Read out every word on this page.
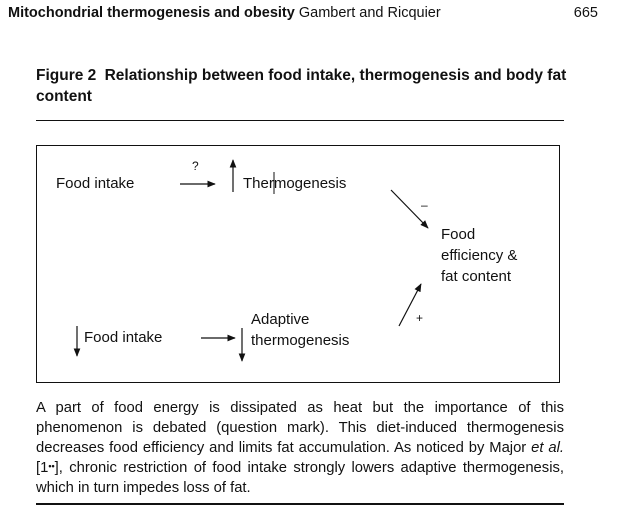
Mitochondrial thermogenesis and obesity Gambert and Ricquier	665
Figure 2 Relationship between food intake, thermogenesis and body fat content
Food intake
?
Thermogenesis
–
Food
efficiency &
fat content
Food intake
Adaptive
thermogenesis
+
A part of food energy is dissipated as heat but the importance of this phenomenon is debated (question mark). This diet-induced thermogenesis decreases food efficiency and limits fat accumulation. As noticed by Major et al. [1••], chronic restriction of food intake strongly lowers adaptive thermogenesis, which in turn impedes loss of fat.
